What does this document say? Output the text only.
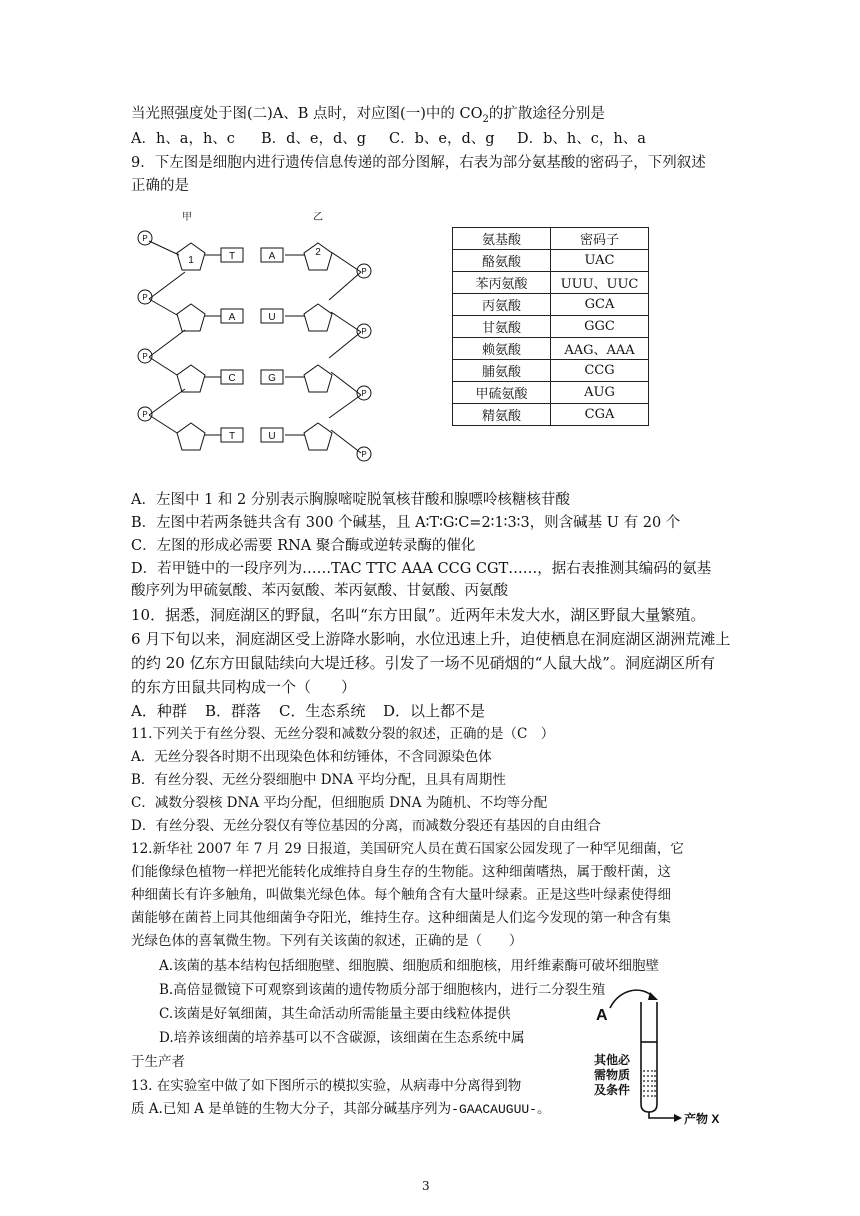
当光照强度处于图(二)A、B 点时，对应图(一)中的 $CO_2$的扩散途径分别是
A．h、a，h、c B．d、e，d、g C．b、e，d、g D．b、h、c，h、a
9．下左图是细胞内进行遗传信息传递的部分图解，右表为部分氨基酸的密码子，下列叙述
正确的是
甲	乙
1
2
T
A
C
T
A
U
G
U
P
P
P
P
P
P
P
P
氨基酸	密码子
酪氨酸	UAC
苯丙氨酸	UUU、UUC
丙氨酸	GCA
甘氨酸	GGC
赖氨酸	AAG、AAA
脯氨酸	CCG
甲硫氨酸	AUG
精氨酸	CGA
A．左图中 1 和 2 分别表示胸腺嘧啶脱氧核苷酸和腺嘌呤核糖核苷酸
B．左图中若两条链共含有 300 个碱基，且 A∶T∶G∶C=2∶1∶3∶3，则含碱基 U 有 20 个
C．左图的形成必需要 RNA 聚合酶或逆转录酶的催化
D．若甲链中的一段序列为……TAC TTC AAA CCG CGT……，据右表推测其编码的氨基
酸序列为甲硫氨酸、苯丙氨酸、苯丙氨酸、甘氨酸、丙氨酸
10．据悉，洞庭湖区的野鼠，名叫“东方田鼠”。近两年未发大水，湖区野鼠大量繁殖。
6 月下旬以来，洞庭湖区受上游降水影响，水位迅速上升，迫使栖息在洞庭湖区湖洲荒滩上
的约 20 亿东方田鼠陆续向大堤迁移。引发了一场不见硝烟的“人鼠大战”。洞庭湖区所有
的东方田鼠共同构成一个（　　）
A．种群 B．群落 C．生态系统 D．以上都不是
11.下列关于有丝分裂、无丝分裂和减数分裂的叙述，正确的是（C　）
A．无丝分裂各时期不出现染色体和纺锤体，不含同源染色体
B．有丝分裂、无丝分裂细胞中 DNA 平均分配，且具有周期性
C．减数分裂核 DNA 平均分配，但细胞质 DNA 为随机、不均等分配
D．有丝分裂、无丝分裂仅有等位基因的分离，而减数分裂还有基因的自由组合
12.新华社 2007 年 7 月 29 日报道，美国研究人员在黄石国家公园发现了一种罕见细菌，它
们能像绿色植物一样把光能转化成维持自身生存的生物能。这种细菌嗜热，属于酸杆菌，这
种细菌长有许多触角，叫做集光绿色体。每个触角含有大量叶绿素。正是这些叶绿素使得细
菌能够在菌苔上同其他细菌争夺阳光，维持生存。这种细菌是人们迄今发现的第一种含有集
光绿色体的喜氧微生物。下列有关该菌的叙述，正确的是（　　）
A.该菌的基本结构包括细胞壁、细胞膜、细胞质和细胞核，用纤维素酶可破坏细胞壁
B.高倍显微镜下可观察到该菌的遗传物质分部于细胞核内，进行二分裂生殖
C.该菌是好氧细菌，其生命活动所需能量主要由线粒体提供
D.培养该细菌的培养基可以不含碳源，该细菌在生态系统中属
于生产者
13. 在实验室中做了如下图所示的模拟实验，从病毒中分离得到物
质 A.已知 A 是单链的生物大分子，其部分碱基序列为-GAACAUGUU-。
A
其他必
需物质
及条件
产物 X
3
